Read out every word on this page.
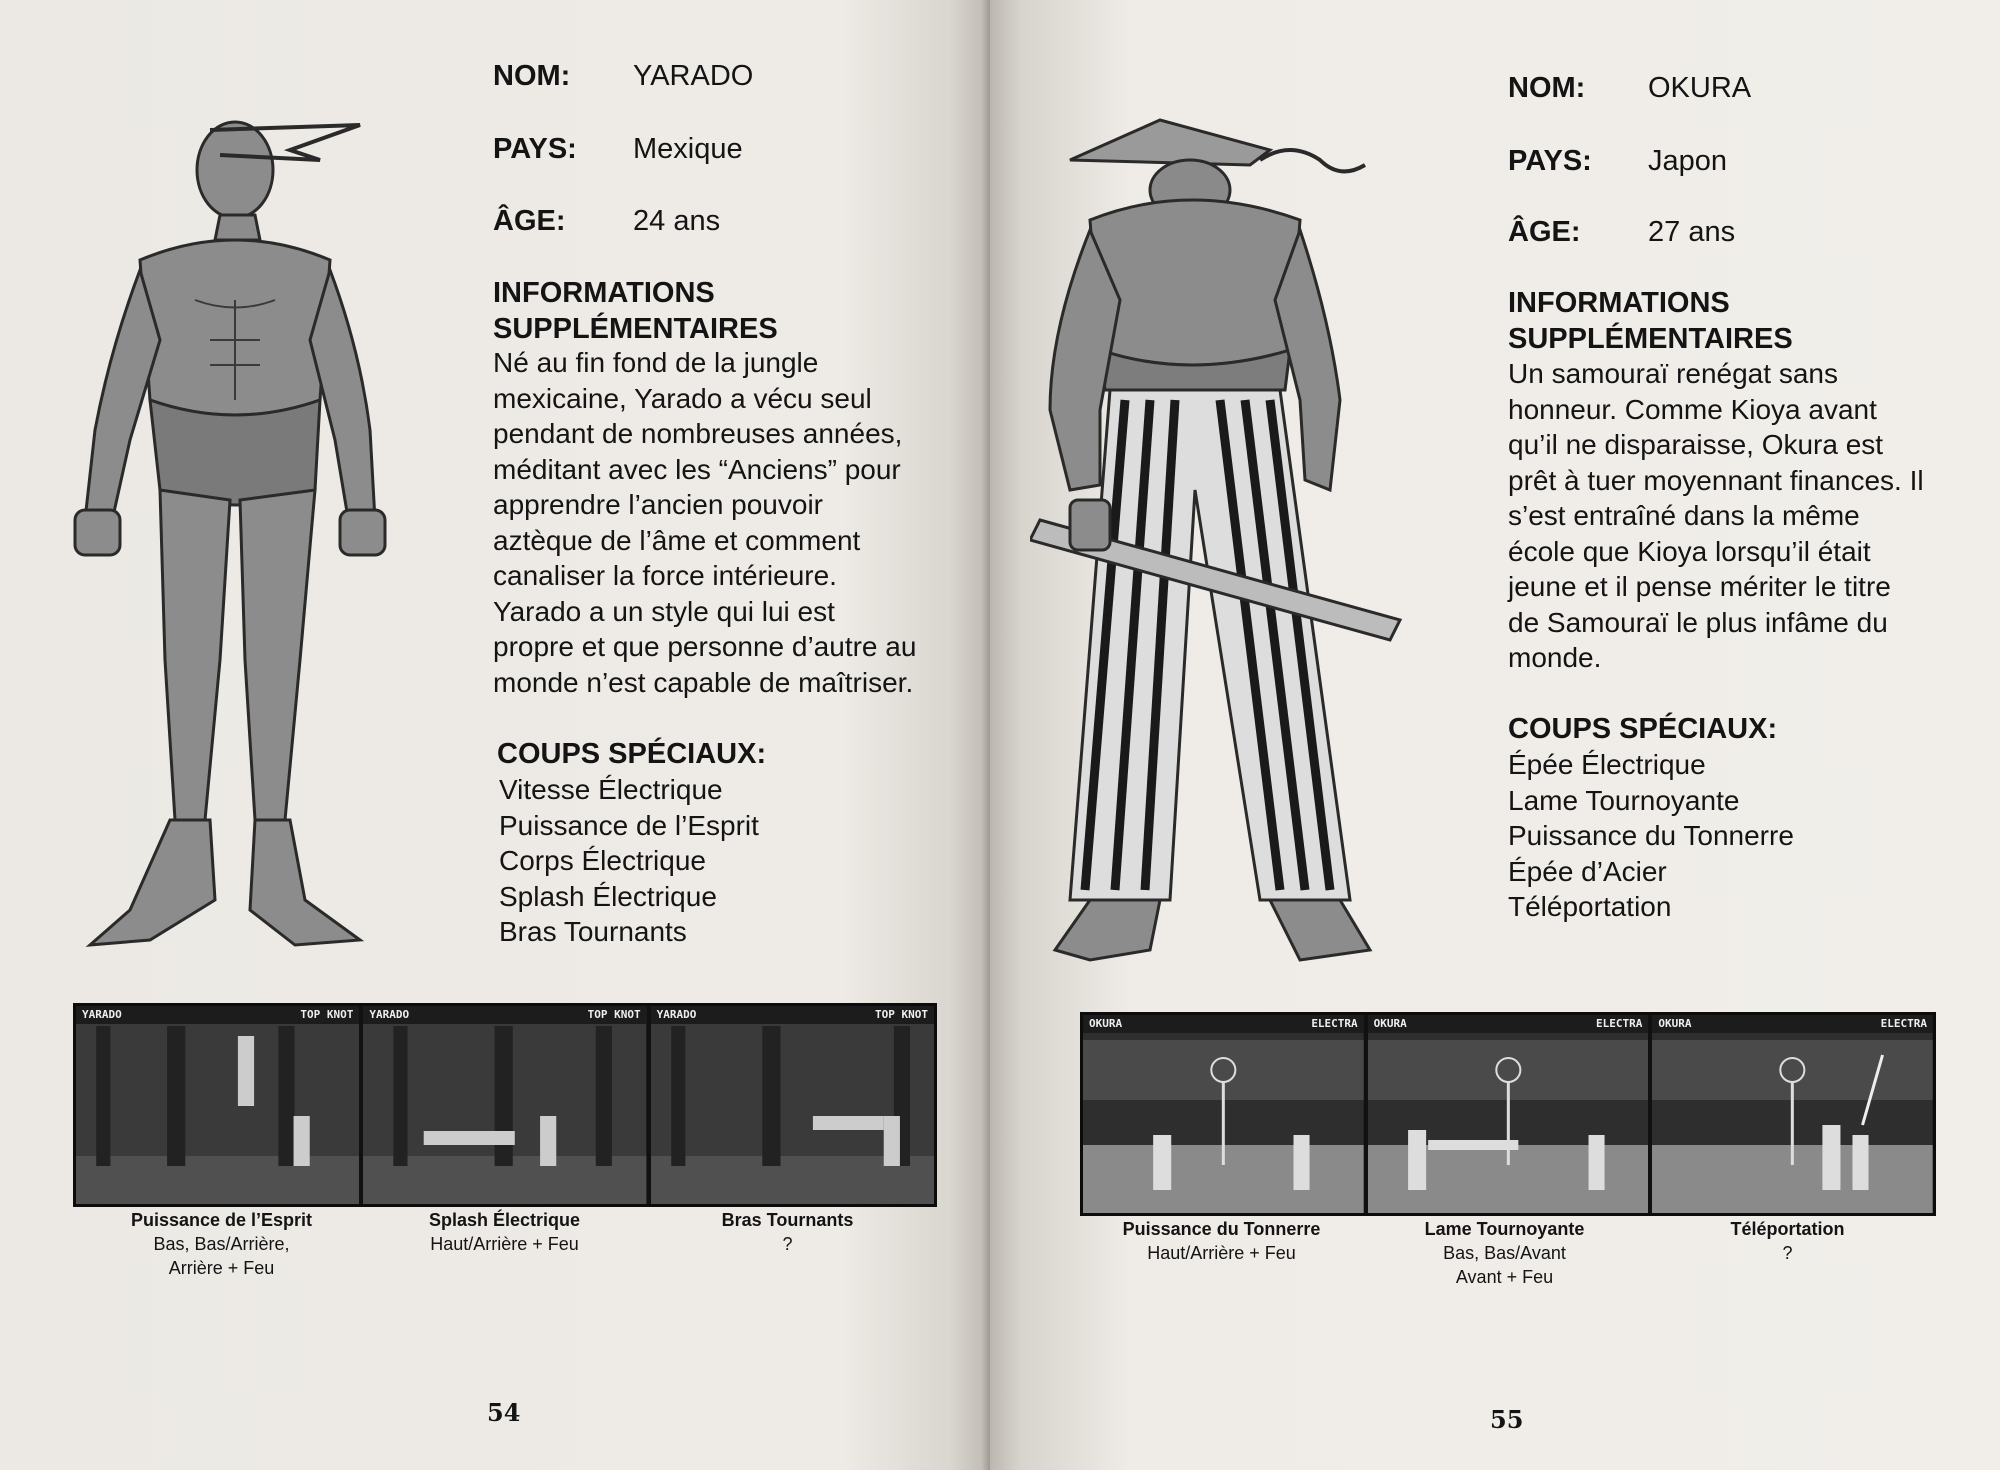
NOM: YARADO
PAYS: Mexique
ÂGE: 24 ans
INFORMATIONS
SUPPLÉMENTAIRES
Né au fin fond de la jungle
mexicaine, Yarado a vécu seul
pendant de nombreuses années,
méditant avec les “Anciens” pour
apprendre l’ancien pouvoir
aztèque de l’âme et comment
canaliser la force intérieure.
Yarado a un style qui lui est
propre et que personne d’autre au
monde n’est capable de maîtriser.
COUPS SPÉCIAUX:
Vitesse Électrique
Puissance de l’Esprit
Corps Électrique
Splash Électrique
Bras Tournants
YARADO	TOP KNOT YARADO	TOP KNOT YARADO	TOP KNOT
Puissance de l’Esprit
Bas, Bas/Arrière,
Arrière + Feu
Splash Électrique
Haut/Arrière + Feu
Bras Tournants
?
54
NOM: OKURA
PAYS: Japon
ÂGE: 27 ans
INFORMATIONS
SUPPLÉMENTAIRES
Un samouraï renégat sans
honneur. Comme Kioya avant
qu’il ne disparaisse, Okura est
prêt à tuer moyennant finances. Il
s’est entraîné dans la même
école que Kioya lorsqu’il était
jeune et il pense mériter le titre
de Samouraï le plus infâme du
monde.
COUPS SPÉCIAUX:
Épée Électrique
Lame Tournoyante
Puissance du Tonnerre
Épée d’Acier
Téléportation
OKURA	ELECTRA OKURA	ELECTRA OKURA	ELECTRA
Puissance du Tonnerre
Haut/Arrière + Feu
Lame Tournoyante
Bas, Bas/Avant
Avant + Feu
Téléportation
?
55
